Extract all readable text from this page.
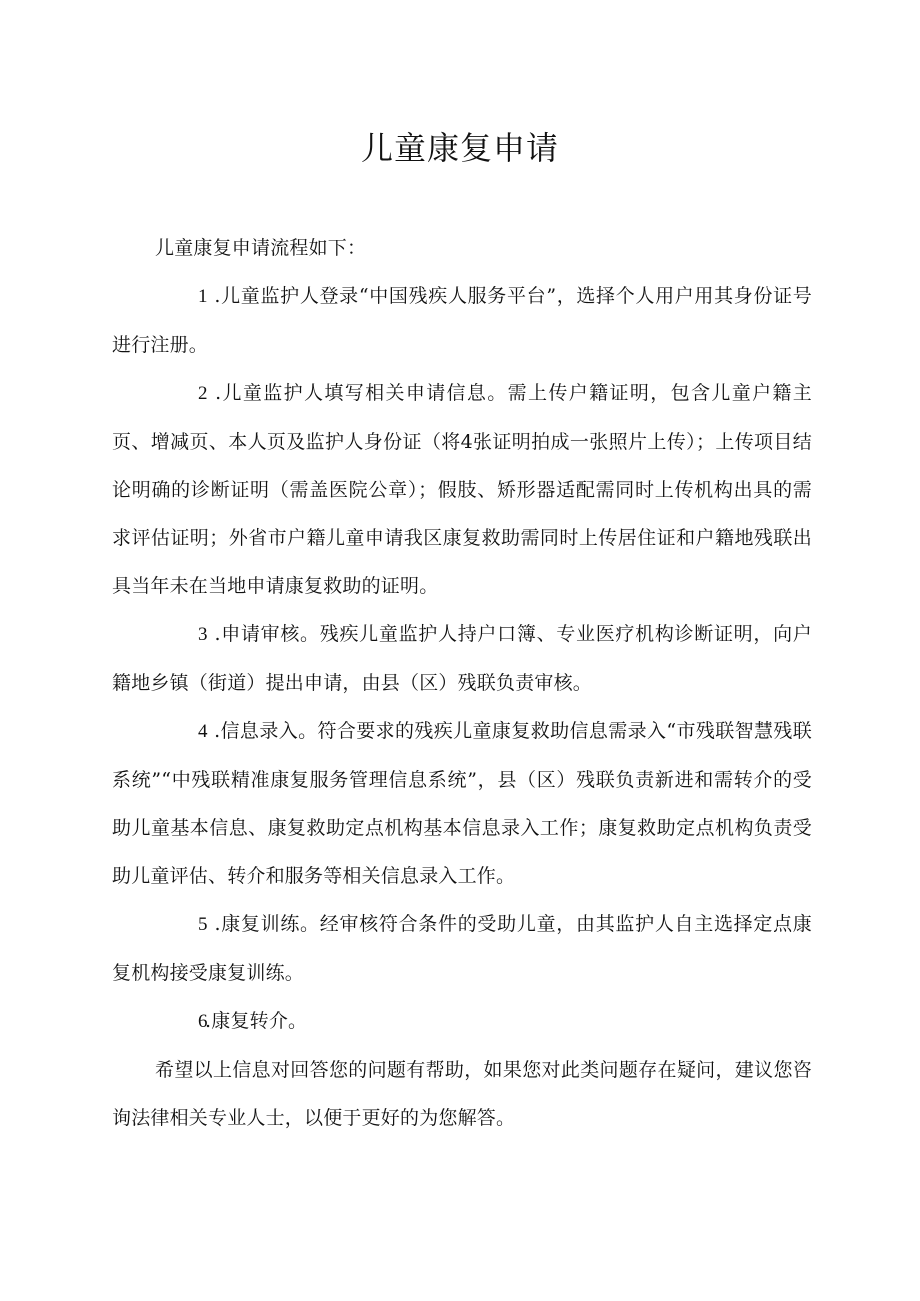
儿童康复申请

儿童康复申请流程如下：

1 .儿童监护人登录“中国残疾人服务平台”，选择个人用户用其身份证号进行注册。

2 .儿童监护人填写相关申请信息。需上传户籍证明，包含儿童户籍主页、增减页、本人页及监护人身份证（将4张证明拍成一张照片上传）；上传项目结论明确的诊断证明（需盖医院公章）；假肢、矫形器适配需同时上传机构出具的需求评估证明；外省市户籍儿童申请我区康复救助需同时上传居住证和户籍地残联出具当年未在当地申请康复救助的证明。

3 .申请审核。残疾儿童监护人持户口簿、专业医疗机构诊断证明，向户籍地乡镇（街道）提出申请，由县（区）残联负责审核。

4 .信息录入。符合要求的残疾儿童康复救助信息需录入“市残联智慧残联系统”“中残联精准康复服务管理信息系统”，县（区）残联负责新进和需转介的受助儿童基本信息、康复救助定点机构基本信息录入工作；康复救助定点机构负责受助儿童评估、转介和服务等相关信息录入工作。

5 .康复训练。经审核符合条件的受助儿童，由其监护人自主选择定点康复机构接受康复训练。

6.康复转介。

希望以上信息对回答您的问题有帮助，如果您对此类问题存在疑问，建议您咨询法律相关专业人士，以便于更好的为您解答。
